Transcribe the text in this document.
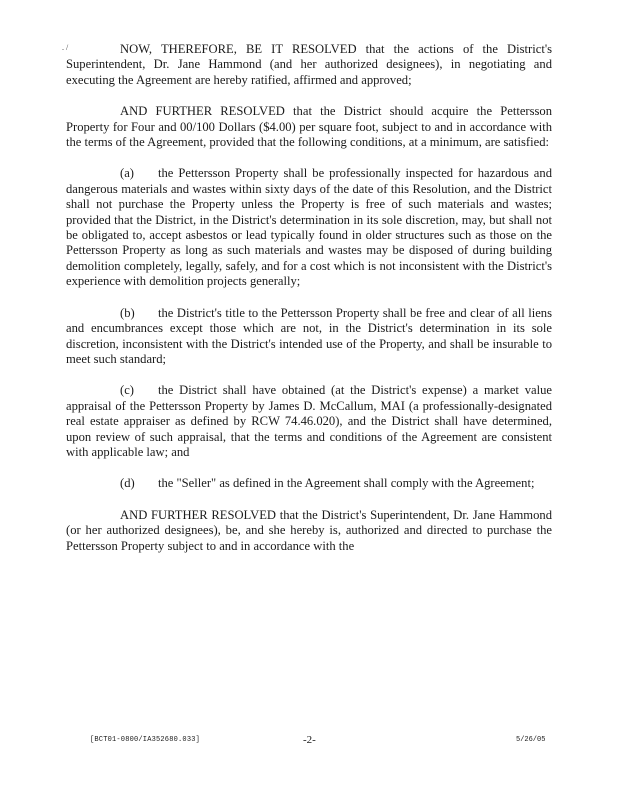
. /	NOW, THEREFORE, BE IT RESOLVED that the actions of the District's Superintendent, Dr. Jane Hammond (and her authorized designees), in negotiating and executing the Agreement are hereby ratified, affirmed and approved;

AND FURTHER RESOLVED that the District should acquire the Pettersson Property for Four and 00/100 Dollars ($4.00) per square foot, subject to and in accordance with the terms of the Agreement, provided that the following conditions, at a minimum, are satisfied:

(a) the Pettersson Property shall be professionally inspected for hazardous and dangerous materials and wastes within sixty days of the date of this Resolution, and the District shall not purchase the Property unless the Property is free of such materials and wastes; provided that the District, in the District's determination in its sole discretion, may, but shall not be obligated to, accept asbestos or lead typically found in older structures such as those on the Pettersson Property as long as such materials and wastes may be disposed of during building demolition completely, legally, safely, and for a cost which is not inconsistent with the District's experience with demolition projects generally;

(b) the District's title to the Pettersson Property shall be free and clear of all liens and encumbrances except those which are not, in the District's determination in its sole discretion, inconsistent with the District's intended use of the Property, and shall be insurable to meet such standard;

(c) the District shall have obtained (at the District's expense) a market value appraisal of the Pettersson Property by James D. McCallum, MAI (a professionally-designated real estate appraiser as defined by RCW 74.46.020), and the District shall have determined, upon review of such appraisal, that the terms and conditions of the Agreement are consistent with applicable law; and

(d) the "Seller" as defined in the Agreement shall comply with the Agreement;

AND FURTHER RESOLVED that the District's Superintendent, Dr. Jane Hammond (or her authorized designees), be, and she hereby is, authorized and directed to purchase the Pettersson Property subject to and in accordance with the

[BCT01-0800/IA352680.033]	-2-	5/26/05
